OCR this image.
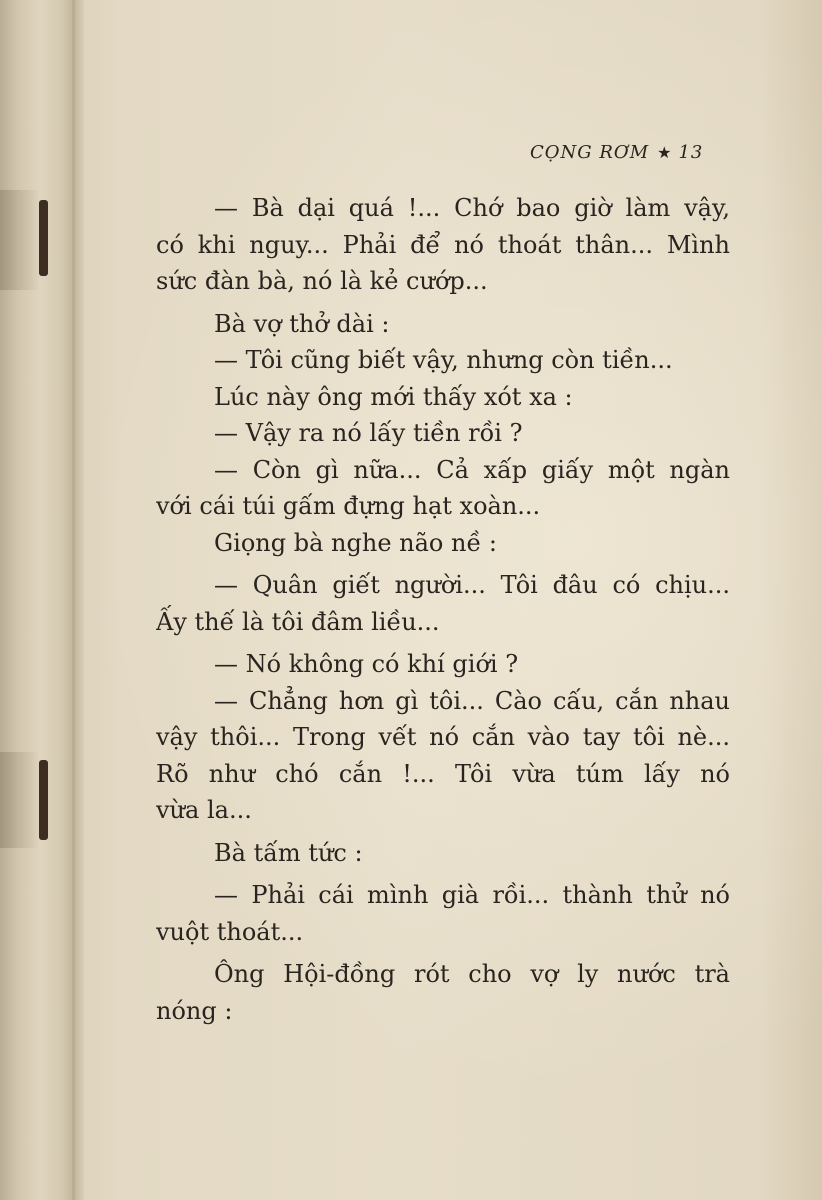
CỌNG RƠM ★ 13
— Bà dại quá !... Chớ bao giờ làm vậy,
có khi nguy... Phải để nó thoát thân... Mình
sức đàn bà, nó là kẻ cướp...
Bà vợ thở dài :
— Tôi cũng biết vậy, nhưng còn tiền...
Lúc này ông mới thấy xót xa :
— Vậy ra nó lấy tiền rồi ?
— Còn gì nữa... Cả xấp giấy một ngàn
với cái túi gấm đựng hạt xoàn...
Giọng bà nghe não nề :
— Quân giết người... Tôi đâu có chịu...
Ấy thế là tôi đâm liều...
— Nó không có khí giới ?
— Chẳng hơn gì tôi... Cào cấu, cắn nhau
vậy thôi... Trong vết nó cắn vào tay tôi nè...
Rõ như chó cắn !... Tôi vừa túm lấy nó
vừa la...
Bà tấm tức :
— Phải cái mình già rồi... thành thử nó
vuột thoát...
Ông Hội-đồng rót cho vợ ly nước trà
nóng :
